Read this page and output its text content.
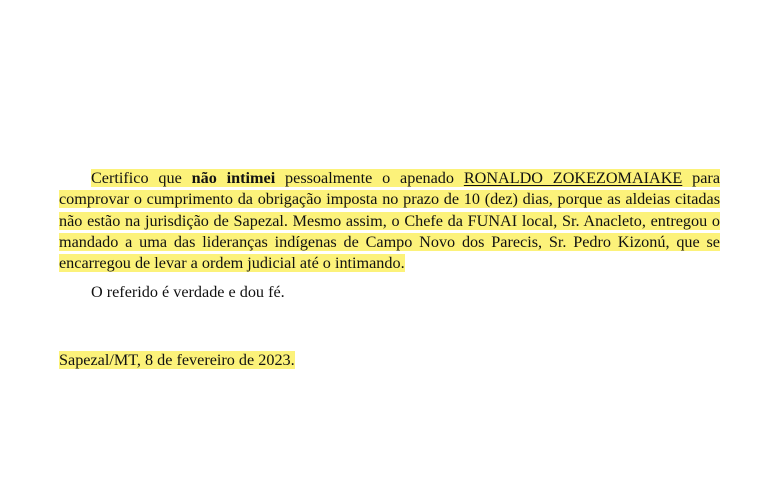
Certifico que não intimei pessoalmente o apenado RONALDO ZOKEZOMAIAKE para comprovar o cumprimento da obrigação imposta no prazo de 10 (dez) dias, porque as aldeias citadas não estão na jurisdição de Sapezal. Mesmo assim, o Chefe da FUNAI local, Sr. Anacleto, entregou o mandado a uma das lideranças indígenas de Campo Novo dos Parecis, Sr. Pedro Kizonú, que se encarregou de levar a ordem judicial até o intimando.

O referido é verdade e dou fé.

Sapezal/MT, 8 de fevereiro de 2023.
